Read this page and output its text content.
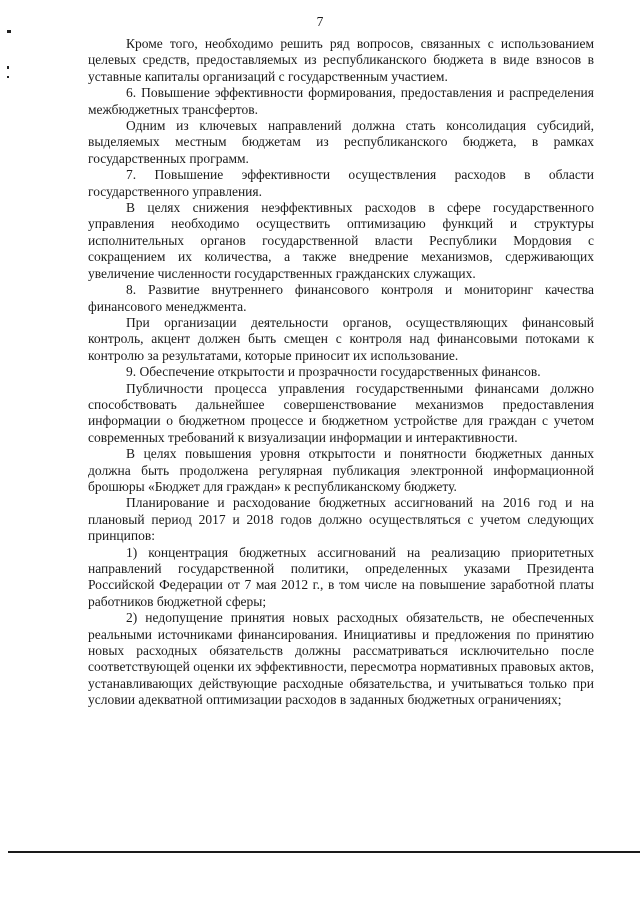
7

Кроме того, необходимо решить ряд вопросов, связанных с использованием целевых средств, предоставляемых из республиканского бюджета в виде взносов в уставные капиталы организаций с государственным участием.

6. Повышение эффективности формирования, предоставления и распределения межбюджетных трансфертов.

Одним из ключевых направлений должна стать консолидация субсидий, выделяемых местным бюджетам из республиканского бюджета, в рамках государственных программ.

7. Повышение эффективности осуществления расходов в области государственного управления.

В целях снижения неэффективных расходов в сфере государственного управления необходимо осуществить оптимизацию функций и структуры исполнительных органов государственной власти Республики Мордовия с сокращением их количества, а также внедрение механизмов, сдерживающих увеличение численности государственных гражданских служащих.

8. Развитие внутреннего финансового контроля и мониторинг качества финансового менеджмента.

При организации деятельности органов, осуществляющих финансовый контроль, акцент должен быть смещен с контроля над финансовыми потоками к контролю за результатами, которые приносит их использование.

9. Обеспечение открытости и прозрачности государственных финансов.

Публичности процесса управления государственными финансами должно способствовать дальнейшее совершенствование механизмов предоставления информации о бюджетном процессе и бюджетном устройстве для граждан с учетом современных требований к визуализации информации и интерактивности.

В целях повышения уровня открытости и понятности бюджетных данных должна быть продолжена регулярная публикация электронной информационной брошюры «Бюджет для граждан» к республиканскому бюджету.

Планирование и расходование бюджетных ассигнований на 2016 год и на плановый период 2017 и 2018 годов должно осуществляться с учетом следующих принципов:

1) концентрация бюджетных ассигнований на реализацию приоритетных направлений государственной политики, определенных указами Президента Российской Федерации от 7 мая 2012 г., в том числе на повышение заработной платы работников бюджетной сферы;

2) недопущение принятия новых расходных обязательств, не обеспеченных реальными источниками финансирования. Инициативы и предложения по принятию новых расходных обязательств должны рассматриваться исключительно после соответствующей оценки их эффективности, пересмотра нормативных правовых актов, устанавливающих действующие расходные обязательства, и учитываться только при условии адекватной оптимизации расходов в заданных бюджетных ограничениях;
